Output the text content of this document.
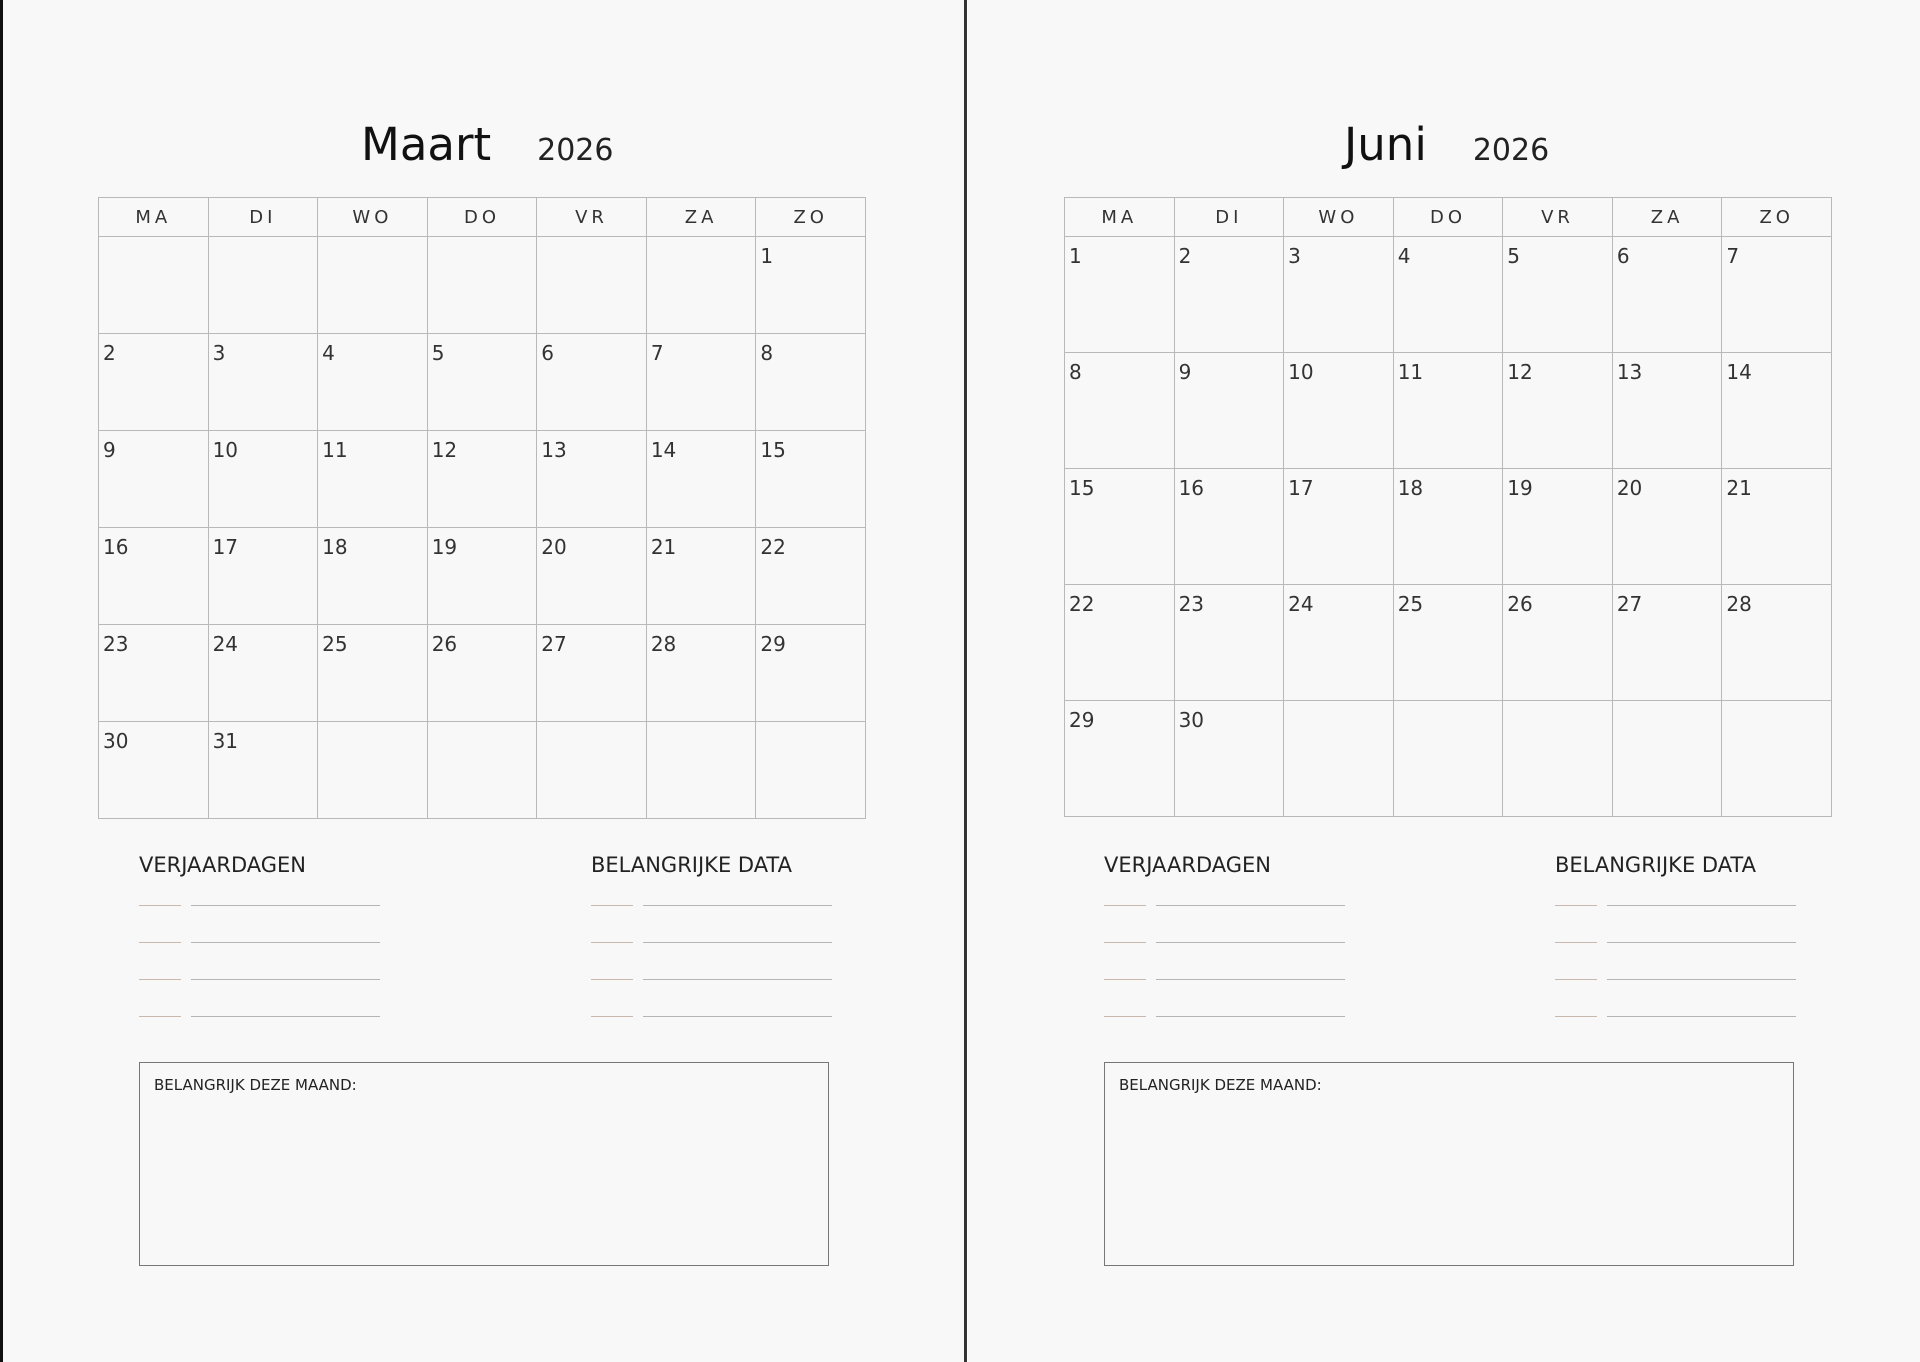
Maart 2026
MA	DI	WO	DO	VR	ZA	ZO

						1

2	3	4	5	6	7	8

9	10	11	12	13	14	15

16	17	18	19	20	21	22

23	24	25	26	27	28	29

30	31					

VERJAARDAGEN	BELANGRIJKE DATA
BELANGRIJK DEZE MAAND:
Juni 2026
MA	DI	WO	DO	VR	ZA	ZO

1	2	3	4	5	6	7

8	9	10	11	12	13	14

15	16	17	18	19	20	21

22	23	24	25	26	27	28

29	30					

VERJAARDAGEN	BELANGRIJKE DATA
BELANGRIJK DEZE MAAND:
